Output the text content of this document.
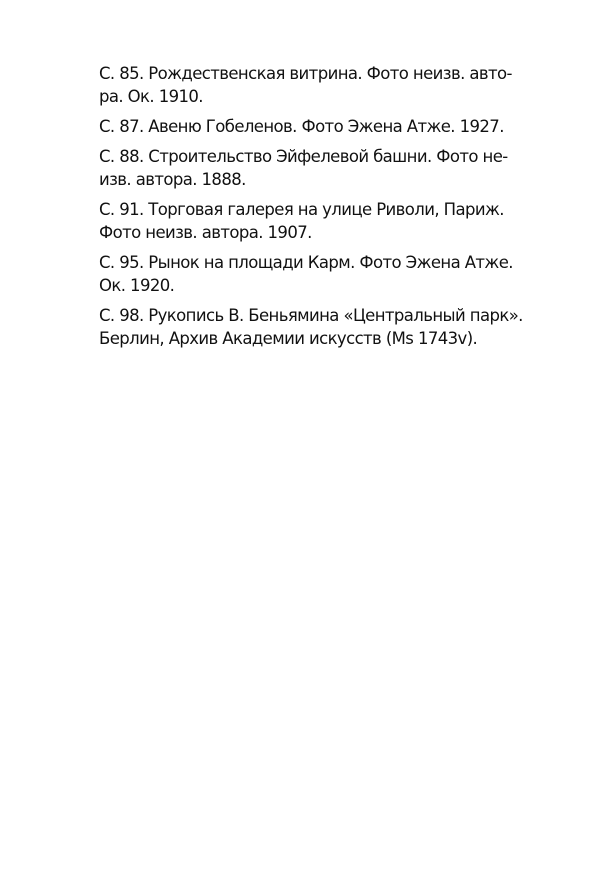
С. 85. Рождественская витрина. Фото неизв. авто-
ра. Ок. 1910.
С. 87. Авеню Гобеленов. Фото Эжена Атже. 1927.
С. 88. Строительство Эйфелевой башни. Фото не-
изв. автора. 1888.
С. 91. Торговая галерея на улице Риволи, Париж.
Фото неизв. автора. 1907.
С. 95. Рынок на площади Карм. Фото Эжена Атже.
Ок. 1920.
С. 98. Рукопись В. Беньямина «Центральный парк».
Берлин, Архив Академии искусств (Ms 1743v).
